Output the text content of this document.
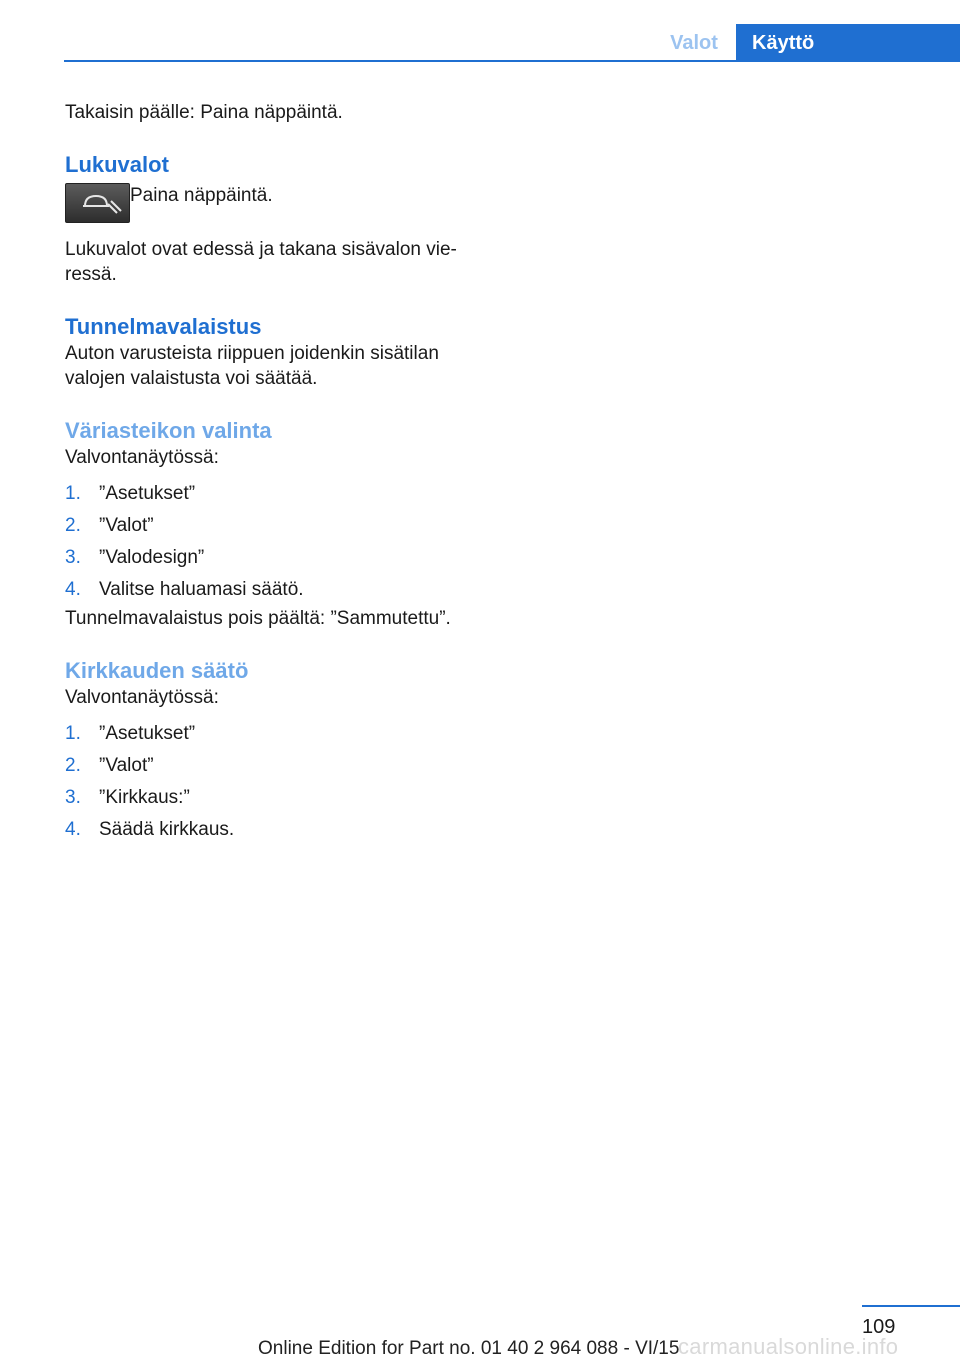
Valot	Käyttö

Takaisin päälle: Paina näppäintä.

Lukuvalot

Paina näppäintä.

Lukuvalot ovat edessä ja takana sisävalon vieressä.

Tunnelmavalaistus

Auton varusteista riippuen joidenkin sisätilan valojen valaistusta voi säätää.

Väriasteikon valinta

Valvontanäytössä:

1. ”Asetukset”
2. ”Valot”
3. ”Valodesign”
4. Valitse haluamasi säätö.

Tunnelmavalaistus pois päältä: ”Sammutettu”.

Kirkkauden säätö

Valvontanäytössä:

1. ”Asetukset”
2. ”Valot”
3. ”Kirkkaus:”
4. Säädä kirkkaus.
109
carmanualsonline.info
Online Edition for Part no. 01 40 2 964 088 - VI/15
